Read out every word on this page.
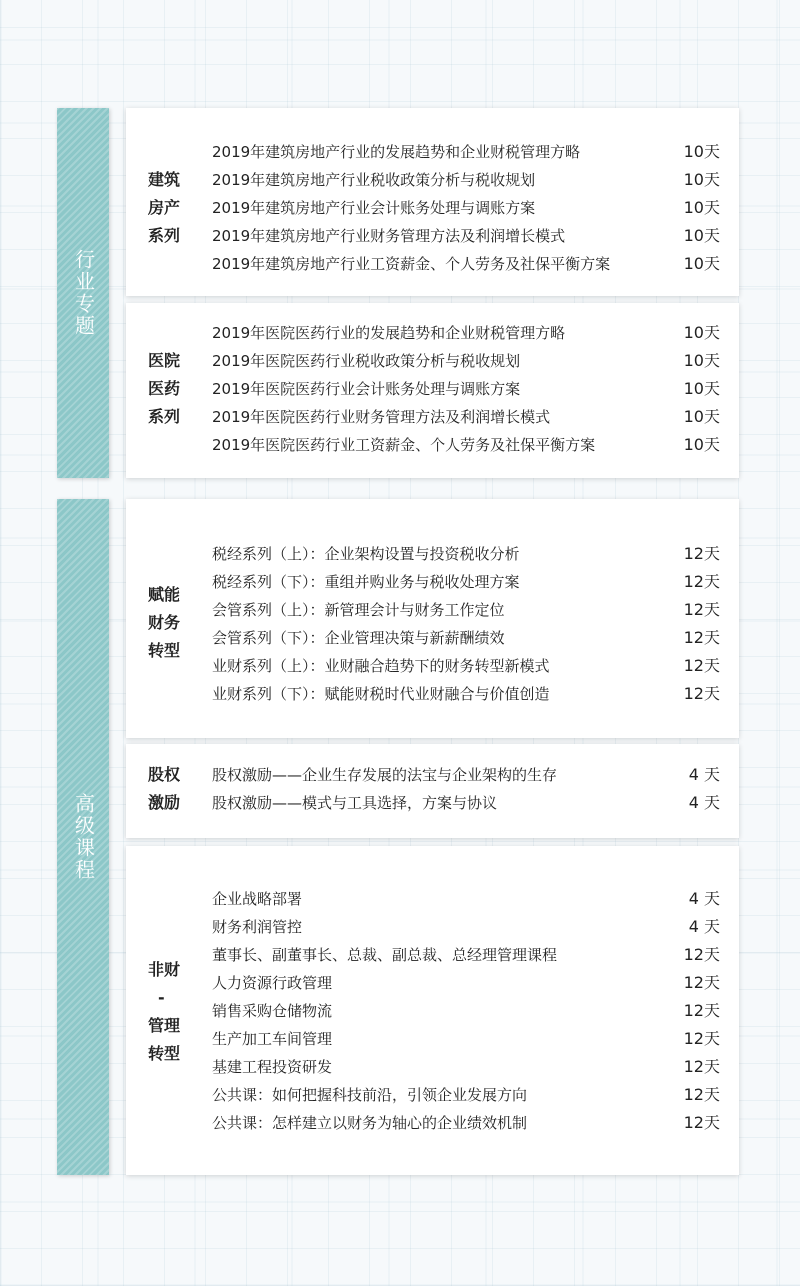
行业专题
高级课程
建筑
房产
系列
2019年建筑房地产行业的发展趋势和企业财税管理方略	10天
2019年建筑房地产行业税收政策分析与税收规划	10天
2019年建筑房地产行业会计账务处理与调账方案	10天
2019年建筑房地产行业财务管理方法及利润增长模式	10天
2019年建筑房地产行业工资薪金、个人劳务及社保平衡方案	10天
医院
医药
系列
2019年医院医药行业的发展趋势和企业财税管理方略	10天
2019年医院医药行业税收政策分析与税收规划	10天
2019年医院医药行业会计账务处理与调账方案	10天
2019年医院医药行业财务管理方法及利润增长模式	10天
2019年医院医药行业工资薪金、个人劳务及社保平衡方案	10天
赋能
财务
转型
税经系列（上）：企业架构设置与投资税收分析	12天
税经系列（下）：重组并购业务与税收处理方案	12天
会管系列（上）：新管理会计与财务工作定位	12天
会管系列（下）：企业管理决策与新薪酬绩效	12天
业财系列（上）：业财融合趋势下的财务转型新模式	12天
业财系列（下）：赋能财税时代业财融合与价值创造	12天
股权
激励
股权激励——企业生存发展的法宝与企业架构的生存	4 天
股权激励——模式与工具选择，方案与协议	4 天
非财
-
管理
转型
企业战略部署	4 天
财务利润管控	4 天
董事长、副董事长、总裁、副总裁、总经理管理课程	12天
人力资源行政管理	12天
销售采购仓储物流	12天
生产加工车间管理	12天
基建工程投资研发	12天
公共课：如何把握科技前沿，引领企业发展方向	12天
公共课：怎样建立以财务为轴心的企业绩效机制	12天
